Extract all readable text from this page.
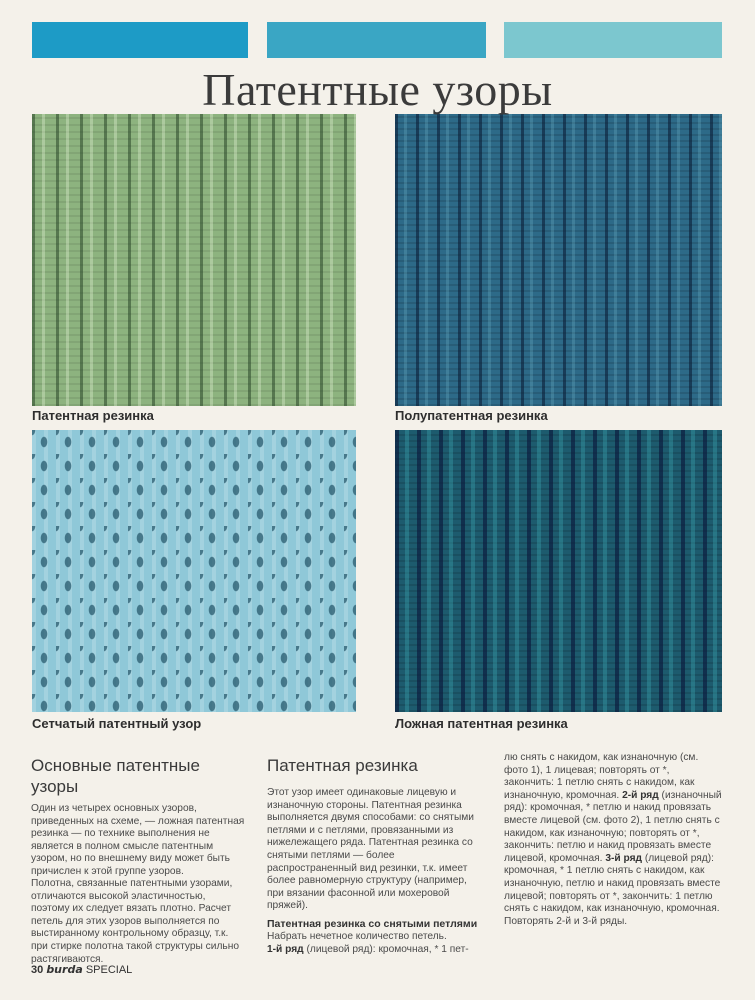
Патентные узоры
Патентная резинка	Полупатентная резинка
Сетчатый патентный узор	Ложная патентная резинка
Основные патентные
узоры

Один из четырех основных узоров, приведенных на схеме, — ложная патентная резинка — по технике выполнения не является в полном смысле патентным узором, но по внешнему виду может быть причислен к этой группе узоров.

Полотна, связанные патентными узорами, отличаются высокой эластичностью, поэтому их следует вязать плотно. Расчет петель для этих узоров выполняется по выстиранному контрольному образцу, т.к. при стирке полотна такой структуры сильно растягиваются.

Патентная резинка

Этот узор имеет одинаковые лицевую и изнаночную стороны. Патентная резинка выполняется двумя способами: со снятыми петлями и с петлями, провязанными из нижележащего ряда. Патентная резинка со снятыми петлями — более распространенный вид резинки, т.к. имеет более равномерную структуру (например, при вязании фасонной или мохеровой пряжей).

Патентная резинка со снятыми петлями

Набрать нечетное количество петель.

1-й ряд (лицевой ряд): кромочная, * 1 пет-

лю снять с накидом, как изнаночную (см. фото 1), 1 лицевая; повторять от *, закончить: 1 петлю снять с накидом, как изнаночную, кромочная. 2-й ряд (изнаночный ряд): кромочная, * петлю и накид провязать вместе лицевой (см. фото 2), 1 петлю снять с накидом, как изнаночную; повторять от *, закончить: петлю и накид провязать вместе лицевой, кромочная. 3-й ряд (лицевой ряд): кромочная, * 1 петлю снять с накидом, как изнаночную, петлю и накид провязать вместе лицевой; повторять от *, закончить: 1 петлю снять с накидом, как изнаночную, кромочная.
Повторять 2-й и 3-й ряды.

30 burda SPECIAL
